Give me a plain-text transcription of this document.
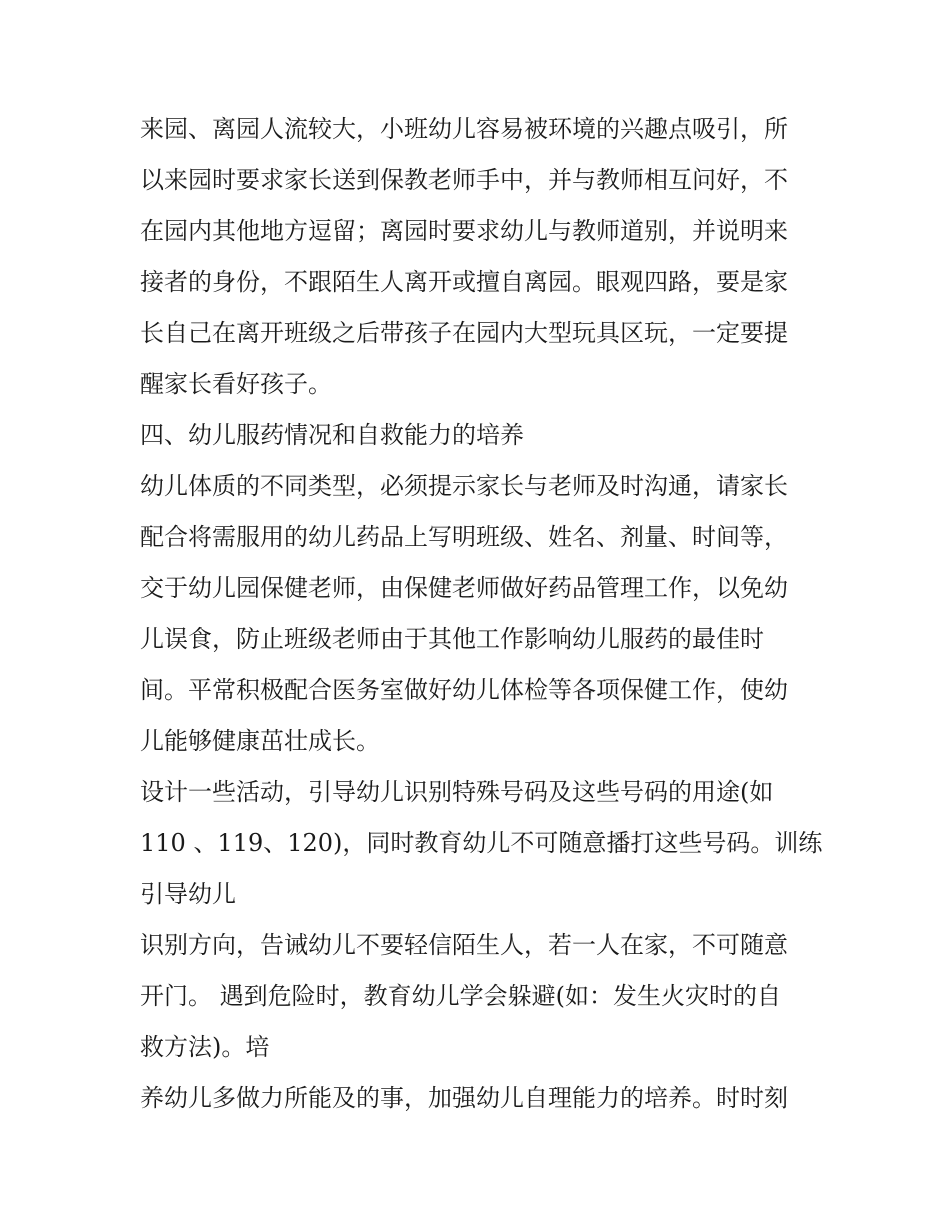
来园、离园人流较大，小班幼儿容易被环境的兴趣点吸引，所
以来园时要求家长送到保教老师手中，并与教师相互问好，不
在园内其他地方逗留；离园时要求幼儿与教师道别，并说明来
接者的身份，不跟陌生人离开或擅自离园。眼观四路，要是家
长自己在离开班级之后带孩子在园内大型玩具区玩，一定要提
醒家长看好孩子。
四、幼儿服药情况和自救能力的培养
幼儿体质的不同类型，必须提示家长与老师及时沟通，请家长
配合将需服用的幼儿药品上写明班级、姓名、剂量、时间等，
交于幼儿园保健老师，由保健老师做好药品管理工作，以免幼
儿误食，防止班级老师由于其他工作影响幼儿服药的最佳时
间。平常积极配合医务室做好幼儿体检等各项保健工作，使幼
儿能够健康茁壮成长。
设计一些活动，引导幼儿识别特殊号码及这些号码的用途(如
110 、119、120)，同时教育幼儿不可随意播打这些号码。训练
引导幼儿
识别方向，告诫幼儿不要轻信陌生人，若一人在家，不可随意
开门。 遇到危险时，教育幼儿学会躲避(如：发生火灾时的自
救方法)。培
养幼儿多做力所能及的事，加强幼儿自理能力的培养。时时刻
